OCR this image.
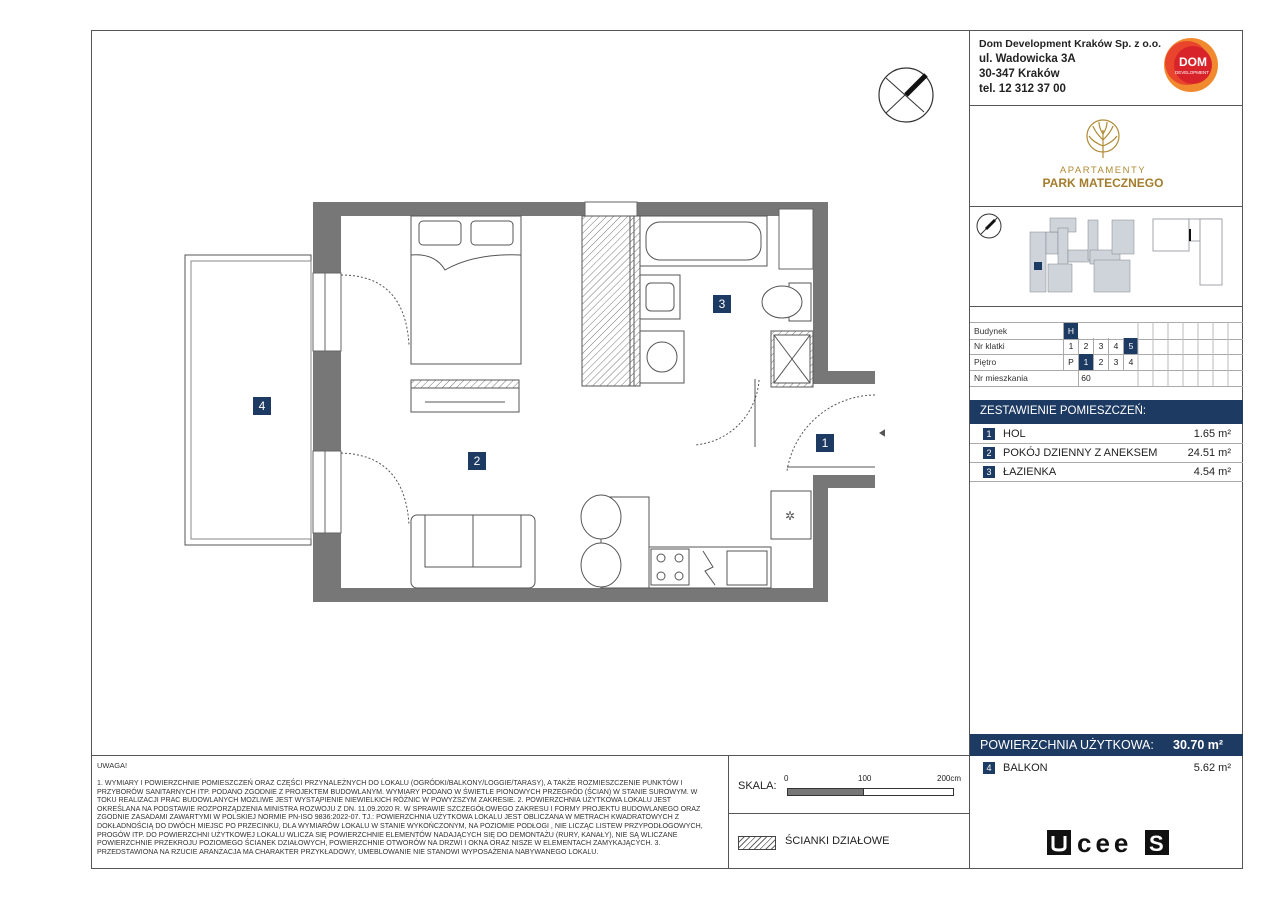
Dom Development Kraków Sp. z o.o.
ul. Wadowicka 3A
30-347 Kraków
tel. 12 312 37 00
DOM
DEVELOPMENT
APARTAMENTY
PARK MATECZNEGO
Budynek	H
Nr klatki	1	2	3	4	5
Piętro	P	1	2	3	4
Nr mieszkania	60
ZESTAWIENIE POMIESZCZEŃ:
1	HOL	1.65 m²
2	POKÓJ DZIENNY Z ANEKSEM	24.51 m²
3	ŁAZIENKA	4.54 m²
POWIERZCHNIA UŻYTKOWA: 30.70 m²
4	BALKON	5.62 m²
✲
1
2
3
4
UWAGA!
1. WYMIARY I POWIERZCHNIE POMIESZCZEŃ ORAZ CZĘŚCI PRZYNALEŻNYCH DO LOKALU (OGRÓDKI/BALKONY/LOGGIE/TARASY), A TAKŻE ROZMIESZCZENIE PUNKTÓW I PRZYBORÓW SANITARNYCH ITP. PODANO ZGODNIE Z PROJEKTEM BUDOWLANYM. WYMIARY PODANO W ŚWIETLE PIONOWYCH PRZEGRÓD (ŚCIAN) W STANIE SUROWYM. W TOKU REALIZACJI PRAC BUDOWLANYCH MOŻLIWE JEST WYSTĄPIENIE NIEWIELKICH RÓŻNIC W POWYŻSZYM ZAKRESIE. 2. POWIERZCHNIA UŻYTKOWA LOKALU JEST OKREŚLANA NA PODSTAWIE ROZPORZĄDZENIA MINISTRA ROZWOJU Z DN. 11.09.2020 R. W SPRAWIE SZCZEGÓŁOWEGO ZAKRESU I FORMY PROJEKTU BUDOWLANEGO ORAZ ZGODNIE ZASADAMI ZAWARTYMI W POLSKIEJ NORMIE PN-ISO 9836:2022-07. TJ.: POWIERZCHNIA UŻYTKOWA LOKALU JEST OBLICZANA W METRACH KWADRATOWYCH Z DOKŁADNOŚCIĄ DO DWÓCH MIEJSC PO PRZECINKU, DLA WYMIARÓW LOKALU W STANIE WYKOŃCZONYM, NA POZIOMIE PODŁOGI , NIE LICZĄC LISTEW PRZYPODŁOGOWYCH, PROGÓW ITP. DO POWIERZCHNI UŻYTKOWEJ LOKALU WLICZA SIĘ POWIERZCHNIE ELEMENTÓW NADAJĄCYCH SIĘ DO DEMONTAŻU (RURY, KANAŁY), NIE SĄ WLICZANE POWIERZCHNIE PRZEKROJU POZIOMEGO ŚCIANEK DZIAŁOWYCH, POWIERZCHNIE OTWORÓW NA DRZWI I OKNA ORAZ NISZE W ELEMENTACH ZAMYKAJĄCYCH. 3. PRZEDSTAWIONA NA RZUCIE ARANŻACJA MA CHARAKTER PRZYKŁADOWY, UMEBLOWANIE NIE STANOWI WYPOSAŻENIA NABYWANEGO LOKALU.
SKALA:
0	100	200cm
ŚCIANKI DZIAŁOWE	cee S
